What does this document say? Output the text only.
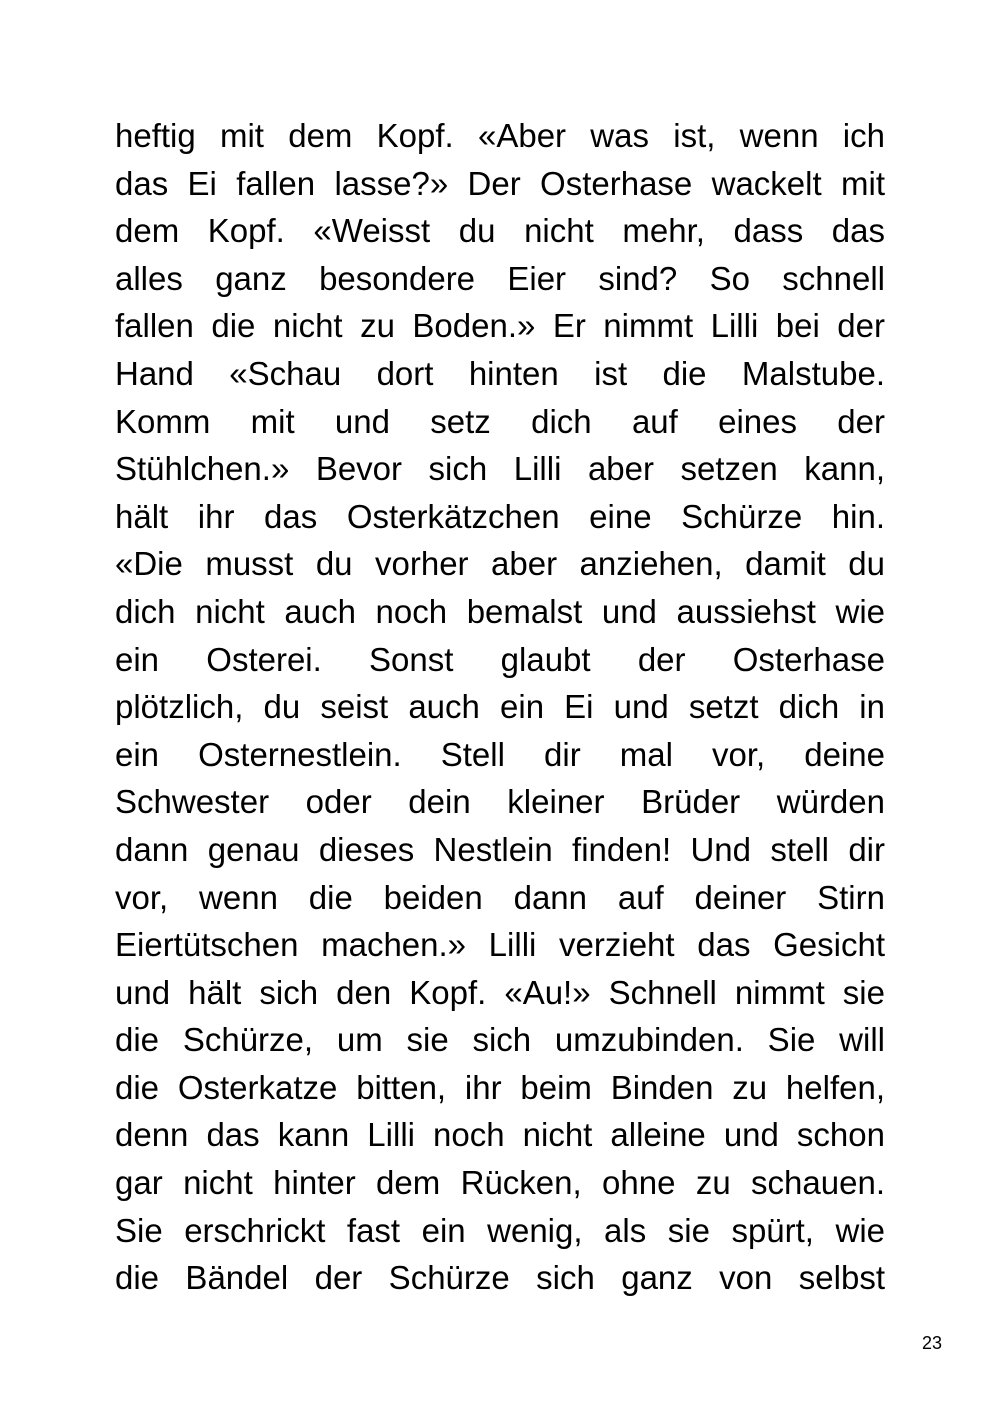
heftig mit dem Kopf. «Aber was ist, wenn ich
das Ei fallen lasse?» Der Osterhase wackelt mit
dem Kopf. «Weisst du nicht mehr, dass das
alles ganz besondere Eier sind? So schnell
fallen die nicht zu Boden.» Er nimmt Lilli bei der
Hand «Schau dort hinten ist die Malstube.
Komm mit und setz dich auf eines der
Stühlchen.» Bevor sich Lilli aber setzen kann,
hält ihr das Osterkätzchen eine Schürze hin.
«Die musst du vorher aber anziehen, damit du
dich nicht auch noch bemalst und aussiehst wie
ein Osterei. Sonst glaubt der Osterhase
plötzlich, du seist auch ein Ei und setzt dich in
ein Osternestlein. Stell dir mal vor, deine
Schwester oder dein kleiner Brüder würden
dann genau dieses Nestlein finden! Und stell dir
vor, wenn die beiden dann auf deiner Stirn
Eiertütschen machen.» Lilli verzieht das Gesicht
und hält sich den Kopf. «Au!» Schnell nimmt sie
die Schürze, um sie sich umzubinden. Sie will
die Osterkatze bitten, ihr beim Binden zu helfen,
denn das kann Lilli noch nicht alleine und schon
gar nicht hinter dem Rücken, ohne zu schauen.
Sie erschrickt fast ein wenig, als sie spürt, wie
die Bändel der Schürze sich ganz von selbst
23
